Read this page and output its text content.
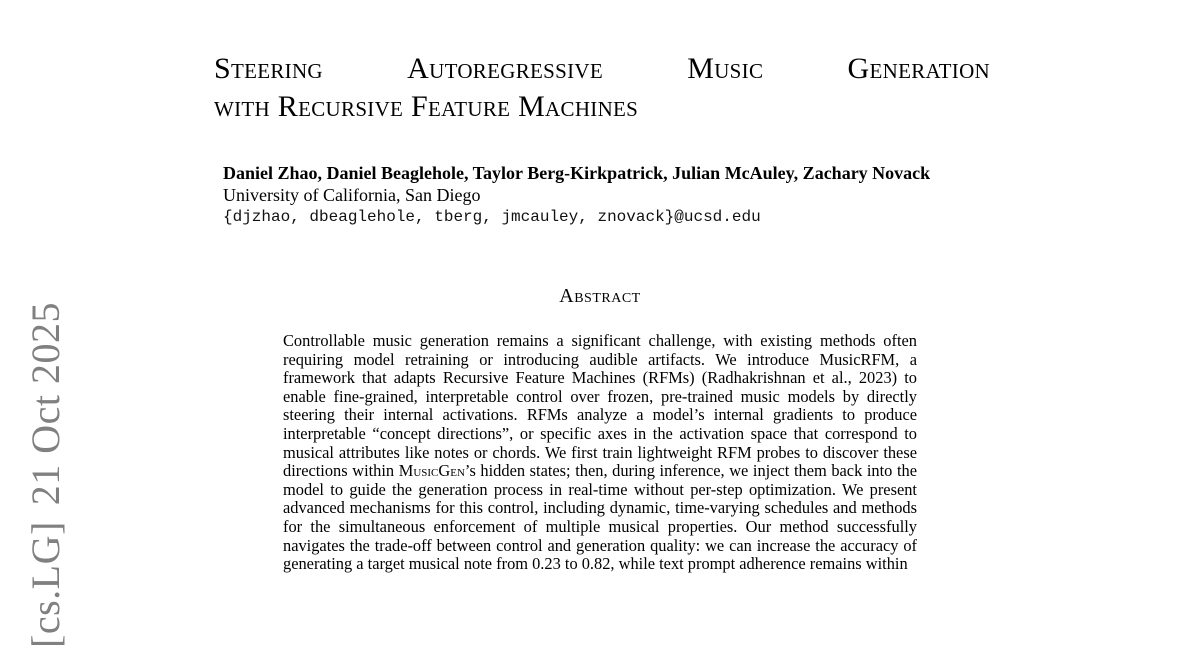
Steering	Autoregressive	Music	Generation
with Recursive Feature Machines
Daniel Zhao, Daniel Beaglehole, Taylor Berg-Kirkpatrick, Julian McAuley, Zachary Novack
University of California, San Diego
{djzhao, dbeaglehole, tberg, jmcauley, znovack}@ucsd.edu
Abstract

Controllable music generation remains a significant challenge, with existing methods often requiring model retraining or introducing audible artifacts. We introduce MusicRFM, a framework that adapts Recursive Feature Machines (RFMs) (Radhakrishnan et al., 2023) to enable fine-grained, interpretable control over frozen, pre-trained music models by directly steering their internal activations. RFMs analyze a model’s internal gradients to produce interpretable “concept directions”, or specific axes in the activation space that correspond to musical attributes like notes or chords. We first train lightweight RFM probes to discover these directions within MusicGen’s hidden states; then, during inference, we inject them back into the model to guide the generation process in real-time without per-step optimization. We present advanced mechanisms for this control, including dynamic, time-varying schedules and methods for the simultaneous enforcement of multiple musical properties. Our method successfully navigates the trade-off between control and generation quality: we can increase the accuracy of generating a target musical note from 0.23 to 0.82, while text prompt adherence remains within

[cs.LG]21 Oct 2025
